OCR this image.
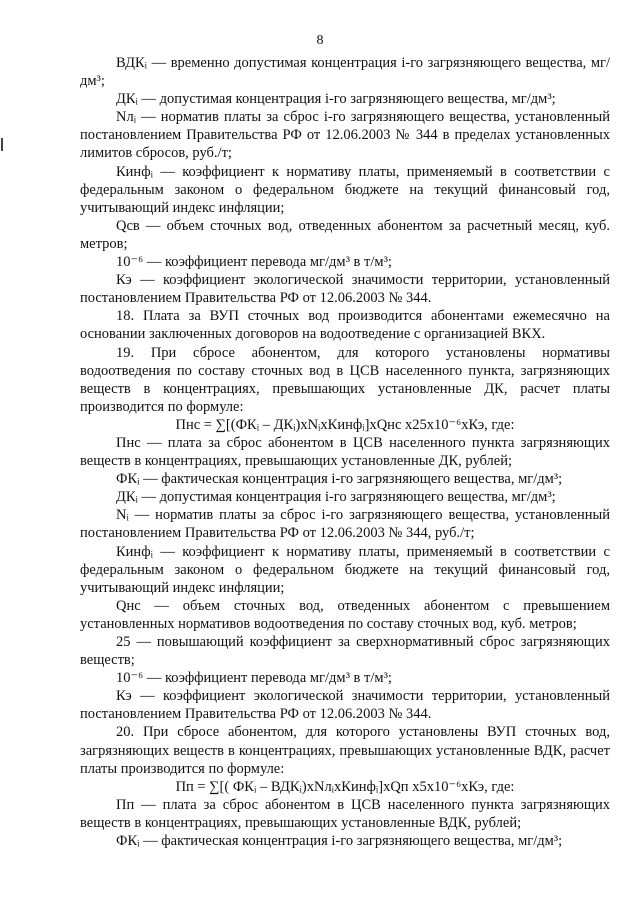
8

ВДКᵢ — временно допустимая концентрация i-го загрязняющего вещества, мг/дм³;

ДКᵢ — допустимая концентрация i-го загрязняющего вещества, мг/дм³;

Nлᵢ — норматив платы за сброс i-го загрязняющего вещества, установленный постановлением Правительства РФ от 12.06.2003 № 344 в пределах установленных лимитов сбросов, руб./т;

Кинфᵢ — коэффициент к нормативу платы, применяемый в соответствии с федеральным законом о федеральном бюджете на текущий финансовый год, учитывающий индекс инфляции;

Qсв — объем сточных вод, отведенных абонентом за расчетный месяц, куб. метров;

10⁻⁶ — коэффициент перевода мг/дм³ в т/м³;

Кэ — коэффициент экологической значимости территории, установленный постановлением Правительства РФ от 12.06.2003 № 344.

18. Плата за ВУП сточных вод производится абонентами ежемесячно на основании заключенных договоров на водоотведение с организацией ВКХ.

19. При сбросе абонентом, для которого установлены нормативы водоотведения по составу сточных вод в ЦСВ населенного пункта, загрязняющих веществ в концентрациях, превышающих установленные ДК, расчет платы производится по формуле:

Пнс = ∑[(ФКᵢ – ДКᵢ)хNᵢхКинфᵢ]хQнс х25х10⁻⁶хКэ, где:

Пнс — плата за сброс абонентом в ЦСВ населенного пункта загрязняющих веществ в концентрациях, превышающих установленные ДК, рублей;

ФКᵢ — фактическая концентрация i-го загрязняющего вещества, мг/дм³;

ДКᵢ — допустимая концентрация i-го загрязняющего вещества, мг/дм³;

Nᵢ — норматив платы за сброс i-го загрязняющего вещества, установленный постановлением Правительства РФ от 12.06.2003 № 344, руб./т;

Кинфᵢ — коэффициент к нормативу платы, применяемый в соответствии с федеральным законом о федеральном бюджете на текущий финансовый год, учитывающий индекс инфляции;

Qнс — объем сточных вод, отведенных абонентом с превышением установленных нормативов водоотведения по составу сточных вод, куб. метров;

25 — повышающий коэффициент за сверхнормативный сброс загрязняющих веществ;

10⁻⁶ — коэффициент перевода мг/дм³ в т/м³;

Кэ — коэффициент экологической значимости территории, установленный постановлением Правительства РФ от 12.06.2003 № 344.

20. При сбросе абонентом, для которого установлены ВУП сточных вод, загрязняющих веществ в концентрациях, превышающих установленные ВДК, расчет платы производится по формуле:

Пп = ∑[( ФКᵢ – ВДКᵢ)хNлᵢхКинфᵢ]хQп х5х10⁻⁶хКэ, где:

Пп — плата за сброс абонентом в ЦСВ населенного пункта загрязняющих веществ в концентрациях, превышающих установленные ВДК, рублей;

ФКᵢ — фактическая концентрация i-го загрязняющего вещества, мг/дм³;
